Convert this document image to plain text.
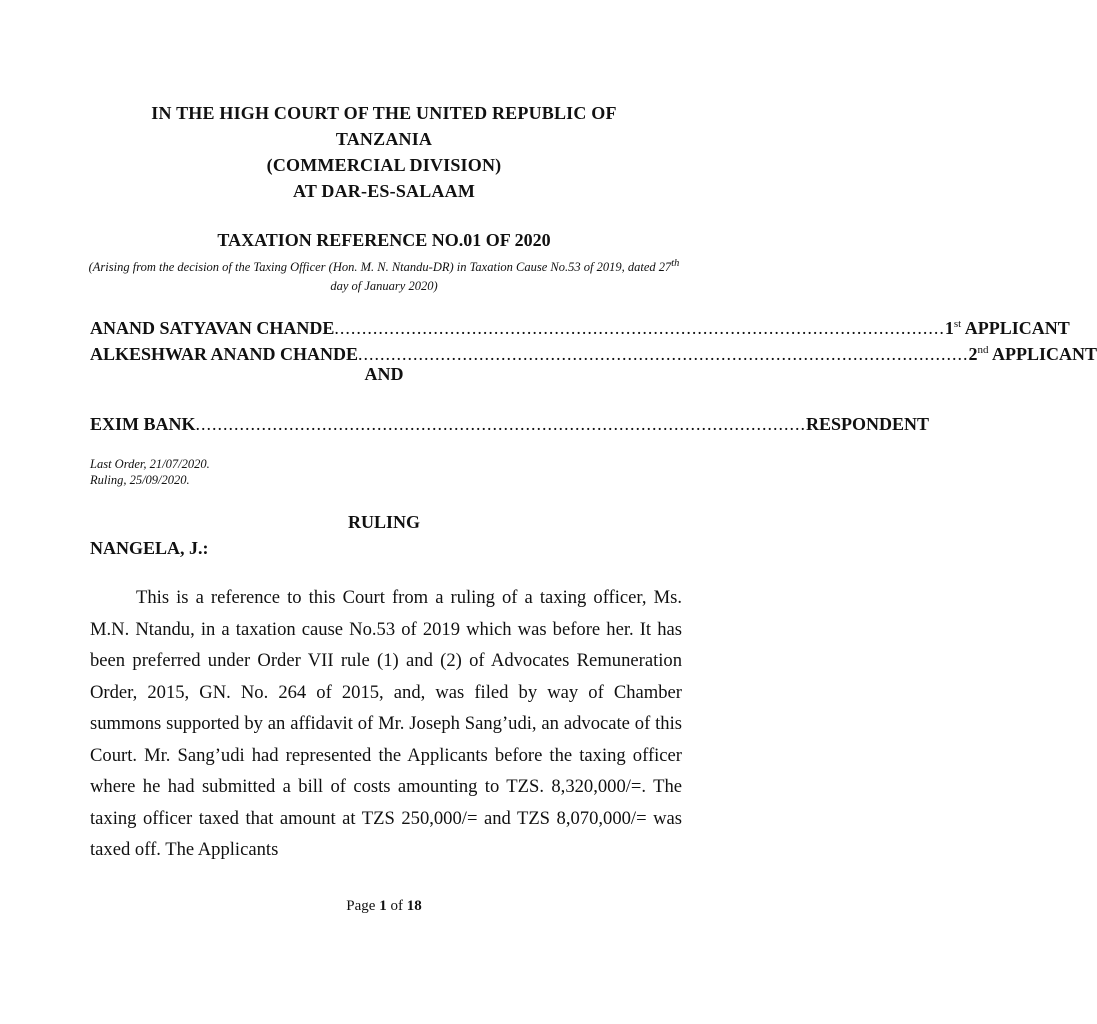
IN THE HIGH COURT OF THE UNITED REPUBLIC OF
TANZANIA
(COMMERCIAL DIVISION)
AT DAR-ES-SALAAM
TAXATION REFERENCE NO.01 OF 2020
(Arising from the decision of the Taxing Officer (Hon. M. N. Ntandu-DR) in Taxation Cause No.53 of 2019, dated 27th day of January 2020)
ANAND SATYAVAN CHANDE ............................................................................................................... 1st APPLICANT
ALKESHWAR ANAND CHANDE ............................................................................................................... 2nd APPLICANT
AND
EXIM BANK ............................................................................................................... RESPONDENT
Last Order, 21/07/2020.
Ruling, 25/09/2020.
RULING
NANGELA, J.:

This is a reference to this Court from a ruling of a taxing officer, Ms. M.N. Ntandu, in a taxation cause No.53 of 2019 which was before her. It has been preferred under Order VII rule (1) and (2) of Advocates Remuneration Order, 2015, GN. No. 264 of 2015, and, was filed by way of Chamber summons supported by an affidavit of Mr. Joseph Sang’udi, an advocate of this Court. Mr. Sang’udi had represented the Applicants before the taxing officer where he had submitted a bill of costs amounting to TZS. 8,320,000/=. The taxing officer taxed that amount at TZS 250,000/= and TZS 8,070,000/= was taxed off. The Applicants

Page 1 of 18
